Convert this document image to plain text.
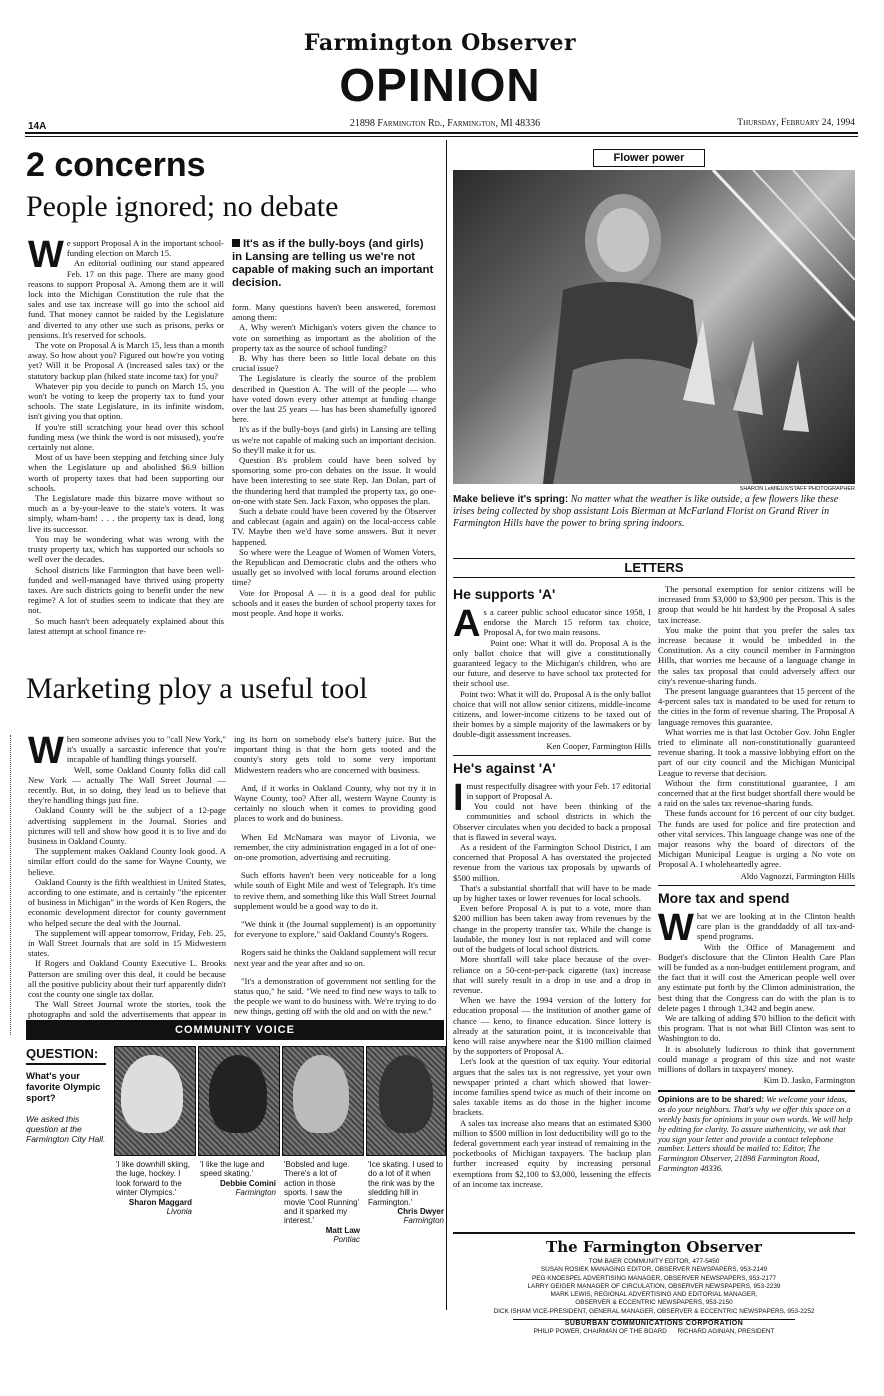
Farmington Observer
OPINION
14A	21898 Farmington Rd., Farmington, MI 48336	Thursday, February 24, 1994
2 concerns
People ignored; no debate
W e support Proposal A in the important school-funding election on March 15.

An editorial outlining our stand appeared Feb. 17 on this page. There are many good reasons to support Proposal A. Among them are it will lock into the Michigan Constitution the rule that the sales and use tax increase will go into the school aid fund. That money cannot be raided by the Legislature and diverted to any other use such as prisons, perks or pensions. It's reserved for schools.

The vote on Proposal A is March 15, less than a month away. So how about you? Figured out how're you voting yet? Will it be Proposal A (increased sales tax) or the statutory backup plan (hiked state income tax) for you?

Whatever pip you decide to punch on March 15, you won't be voting to keep the property tax to fund your schools. The state Legislature, in its infinite wisdom, isn't giving you that option.

If you're still scratching your head over this school funding mess (we think the word is not misused), you're certainly not alone.

Most of us have been stepping and fetching since July when the Legislature up and abolished $6.9 billion worth of property taxes that had been supporting our schools.

The Legislature made this bizarre move without so much as a by-your-leave to the state's voters. It was simply, wham-bam! . . . the property tax is dead, long live its successor.

You may be wondering what was wrong with the trusty property tax, which has supported our schools so well over the decades.

School districts like Farmington that have been well-funded and well-managed have thrived using property taxes. Are such districts going to benefit under the new regime? A lot of studies seem to indicate that they are not.

So much hasn't been adequately explained about this latest attempt at school finance re-

It's as if the bully-boys (and girls) in Lansing are telling us we're not capable of making such an important decision.

form. Many questions haven't been answered, foremost among them:

A. Why weren't Michigan's voters given the chance to vote on something as important as the abolition of the property tax as the source of school funding?

B. Why has there been so little local debate on this crucial issue?

The Legislature is clearly the source of the problem described in Question A. The will of the people — who have voted down every other attempt at funding change over the last 25 years — has has been shamefully ignored here.

It's as if the bully-boys (and girls) in Lansing are telling us we're not capable of making such an important decision. So they'll make it for us.

Question B's problem could have been solved by sponsoring some pro-con debates on the issue. It would have been interesting to see state Rep. Jan Dolan, part of the thundering herd that trampled the property tax, go one-on-one with state Sen. Jack Faxon, who opposes the plan.

Such a debate could have been covered by the Observer and cablecast (again and again) on the local-access cable TV. Maybe then we'd have some answers. But it never happened.

So where were the League of Women of Women Voters, the Republican and Democratic clubs and the others who usually get so involved with local forums around election time?

Vote for Proposal A — it is a good deal for public schools and it eases the burden of school property taxes for most people. And hope it works.

Marketing ploy a useful tool
W hen someone advises you to "call New York," it's usually a sarcastic inference that you're incapable of handling things yourself.

Well, some Oakland County folks did call New York — actually The Wall Street Journal — recently. But, in so doing, they lead us to believe that they're handling things just fine.

Oakland County will be the subject of a 12-page advertising supplement in the Journal. Stories and pictures will tell and show how good it is to live and do business in Oakland County.

The supplement makes Oakland County look good. A similar effort could do the same for Wayne County, we believe.

Oakland County is the fifth wealthiest in United States, according to one estimate, and is certainly "the epicenter of business in Michigan" in the words of Ken Rogers, the economic development director for county government who helped secure the deal with the Journal.

The supplement will appear tomorrow, Friday, Feb. 25, in Wall Street Journals that are sold in 15 Midwestern states.

If Rogers and Oakland County Executive L. Brooks Patterson are smiling over this deal, it could be because all the positive publicity about their turf apparently didn't cost the county one single tax dollar.

The Wall Street Journal wrote the stories, took the photographs and sold the advertisements that appear in

ing its horn on somebody else's battery juice. But the important thing is that the horn gets tooted and the county's story gets told to some very important Midwestern readers who are concerned with business.

And, if it works in Oakland County, why not try it in Wayne County, too? After all, western Wayne County is certainly no slouch when it comes to providing good places to work and do business.

When Ed McNamara was mayor of Livonia, we remember, the city administration engaged in a lot of one-on-one promotion, advertising and recruiting.

Such efforts haven't been very noticeable for a long while south of Eight Mile and west of Telegraph. It's time to revive them, and something like this Wall Street Journal supplement would be a good way to do it.

"We think it (the Journal supplement) is an opportunity for everyone to explore," said Oakland County's Rogers.

Rogers said he thinks the Oakland supplement will recur next year and the year after and so on.

"It's a demonstration of government not settling for the status quo," he said. "We need to find new ways to talk to the people we want to do business with. We're trying to do new things, getting off with the old and on with the new."

COMMUNITY VOICE
QUESTION:
What's your favorite Olympic sport?
We asked this question at the Farmington City Hall.
'I like downhill skiing, the luge, hockey. I look forward to the winter Olympics.'
Sharon Maggard
Livonia
'I like the luge and speed skating.'
Debbie Comini
Farmington
'Bobsled and luge. There's a lot of action in those sports. I saw the movie 'Cool Running' and it sparked my interest.'
Matt Law
Pontiac
'Ice skating. I used to do a lot of it when the rink was by the sledding hill in Farmington.'
Chris Dwyer
Farmington
Flower power
SHARON LeMIEUX/STAFF PHOTOGRAPHER
Make believe it's spring: No matter what the weather is like outside, a few flowers like these irises being collected by shop assistant Lois Bierman at McFarland Florist on Grand River in Farmington Hills have the power to bring spring indoors.
LETTERS
He supports 'A'
A s a career public school educator since 1958, I endorse the March 15 reform tax choice, Proposal A, for two main reasons.

Point one: What it will do. Proposal A is the only ballot choice that will give a constitutionally guaranteed legacy to the Michigan's children, who are our future, and deserve to have school tax protected for their school use.

Point two: What it will do. Proposal A is the only ballot choice that will not allow senior citizens, middle-income citizens, and lower-income citizens to be taxed out of their homes by a simple majority of the lawmakers or by double-digit assessment increases.

Ken Cooper, Farmington Hills
He's against 'A'
I must respectfully disagree with your Feb. 17 editorial in support of Proposal A.

You could not have been thinking of the communities and school districts in which the Observer circulates when you decided to back a proposal that is flawed in several ways.

As a resident of the Farmington School District, I am concerned that Proposal A has overstated the projected revenue from the various tax proposals by upwards of $500 million.

That's a substantial shortfall that will have to be made up by higher taxes or lower revenues for local schools.

Even before Proposal A is put to a vote, more than $200 million has been taken away from revenues by the change in the property transfer tax. While the change is laudable, the money lost is not replaced and will come out of the budgets of local school districts.

More shortfall will take place because of the over-reliance on a 50-cent-per-pack cigarette (tax) increase that will surely result in a drop in use and a drop in revenue.

When we have the 1994 version of the lottery for education proposal — the institution of another game of chance — keno, to finance education. Since lottery is already at the saturation point, it is inconceivable that keno will raise anywhere near the $100 million claimed by the supporters of Proposal A.

Let's look at the question of tax equity. Your editorial argues that the sales tax is not regressive, yet your own newspaper printed a chart which showed that lower-income families spend twice as much of their income on sales taxable items as do those in the higher income brackets.

A sales tax increase also means that an estimated $300 million to $500 million in lost deductibility will go to the federal government each year instead of remaining in the pocketbooks of Michigan taxpayers. The backup plan further increased equity by increasing personal exemptions from $2,100 to $3,000, lessening the effects of an income tax increase.

The personal exemption for senior citizens will be increased from $3,000 to $3,900 per person. This is the group that would be hit hardest by the Proposal A sales tax increase.

You make the point that you prefer the sales tax increase because it would be imbedded in the Constitution. As a city council member in Farmington Hills, that worries me because of a language change in the sales tax proposal that could adversely affect our city's revenue-sharing funds.

The present language guarantees that 15 percent of the 4-percent sales tax is mandated to be used for return to the cities in the form of revenue sharing. The Proposal A language removes this guarantee.

What worries me is that last October Gov. John Engler tried to eliminate all non-constitutionally guaranteed revenue sharing. It took a massive lobbying effort on the part of our city council and the Michigan Municipal League to reverse that decision.

Without the firm constitutional guarantee, I am concerned that at the first budget shortfall there would be a raid on the sales tax revenue-sharing funds.

These funds account for 16 percent of our city budget. The funds are used for police and fire protection and other vital services. This language change was one of the major reasons why the board of directors of the Michigan Municipal League is urging a No vote on Proposal A. I wholeheartedly agree.

Aldo Vagnozzi, Farmington Hills
More tax and spend
W hat we are looking at in the Clinton health care plan is the granddaddy of all tax-and-spend programs.

With the Office of Management and Budget's disclosure that the Clinton Health Care Plan will be funded as a non-budget entitlement program, and the fact that it will cost the American people well over any estimate put forth by the Clinton administration, the best thing that the Congress can do with the plan is to delete pages 1 through 1,342 and begin anew.

We are talking of adding $70 billion to the deficit with this program. That is not what Bill Clinton was sent to Washington to do.

It is absolutely ludicrous to think that government could manage a program of this size and not waste millions of dollars in taxpayers' money.

Kim D. Jasko, Farmington
Opinions are to be shared: We welcome your ideas, as do your neighbors. That's why we offer this space on a weekly basis for opinions in your own words. We will help by editing for clarity. To assure authenticity, we ask that you sign your letter and provide a contact telephone number. Letters should be mailed to: Editor, The Farmington Observer, 21898 Farmington Road, Farmington 48336.
The Farmington Observer
TOM BAER COMMUNITY EDITOR, 477-5450
SUSAN ROSIEK MANAGING EDITOR, OBSERVER NEWSPAPERS, 953-2149
PEG KNOESPEL ADVERTISING MANAGER, OBSERVER NEWSPAPERS, 953-2177
LARRY GEIGER MANAGER OF CIRCULATION, OBSERVER NEWSPAPERS, 953-2239
MARK LEWIS, REGIONAL ADVERTISING AND EDITORIAL MANAGER,
OBSERVER & ECCENTRIC NEWSPAPERS, 953-2150
DICK ISHAM VICE-PRESIDENT, GENERAL MANAGER, OBSERVER & ECCENTRIC NEWSPAPERS, 953-2252
SUBURBAN COMMUNICATIONS CORPORATION
PHILIP POWER, CHAIRMAN OF THE BOARD      RICHARD AGINIAN, PRESIDENT
